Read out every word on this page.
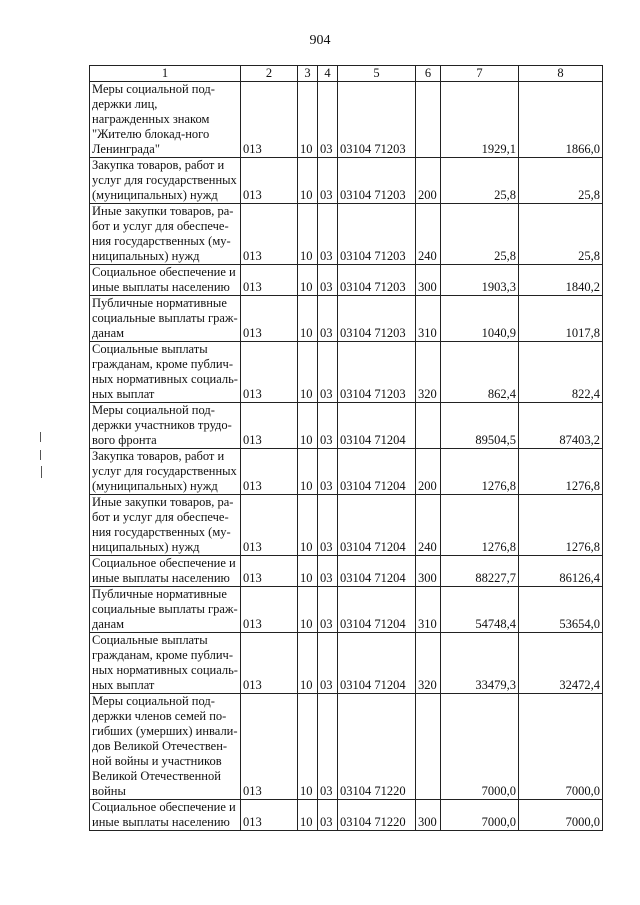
904
1	2	3	4	5	6	7	8
Меры социальной под-держки лиц, награжденных знаком "Жителю блокад-ного Ленинграда"	013	10	03	03104 71203		1929,1	1866,0
Закупка товаров, работ и услуг для государственных (муниципальных) нужд	013	10	03	03104 71203	200	25,8	25,8
Иные закупки товаров, ра-бот и услуг для обеспече-ния государственных (му-ниципальных) нужд	013	10	03	03104 71203	240	25,8	25,8
Социальное обеспечение и иные выплаты населению	013	10	03	03104 71203	300	1903,3	1840,2
Публичные нормативные социальные выплаты граж-данам	013	10	03	03104 71203	310	1040,9	1017,8
Социальные выплаты гражданам, кроме публич-ных нормативных социаль-ных выплат	013	10	03	03104 71203	320	862,4	822,4
Меры социальной под-держки участников трудо-вого фронта	013	10	03	03104 71204		89504,5	87403,2
Закупка товаров, работ и услуг для государственных (муниципальных) нужд	013	10	03	03104 71204	200	1276,8	1276,8
Иные закупки товаров, ра-бот и услуг для обеспече-ния государственных (му-ниципальных) нужд	013	10	03	03104 71204	240	1276,8	1276,8
Социальное обеспечение и иные выплаты населению	013	10	03	03104 71204	300	88227,7	86126,4
Публичные нормативные социальные выплаты граж-данам	013	10	03	03104 71204	310	54748,4	53654,0
Социальные выплаты гражданам, кроме публич-ных нормативных социаль-ных выплат	013	10	03	03104 71204	320	33479,3	32472,4
Меры социальной под-держки членов семей по-гибших (умерших) инвали-дов Великой Отечествен-ной войны и участников Великой Отечественной войны	013	10	03	03104 71220		7000,0	7000,0
Социальное обеспечение и иные выплаты населению	013	10	03	03104 71220	300	7000,0	7000,0
